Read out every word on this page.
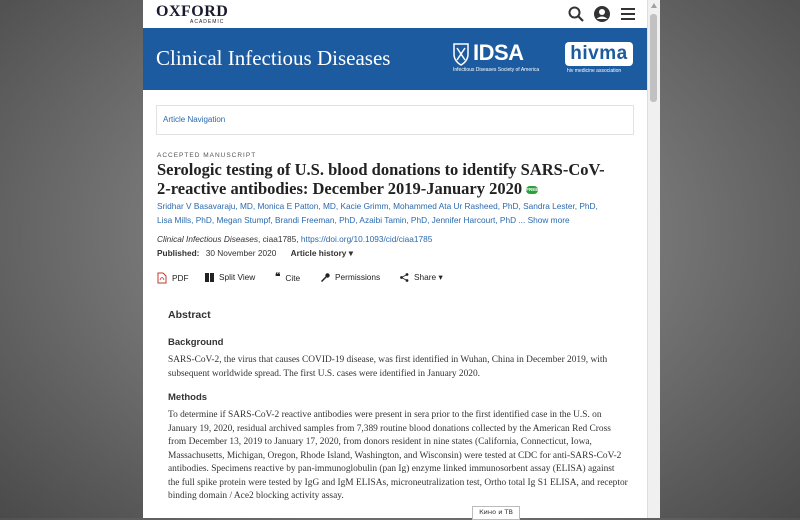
OXFORD
ACADEMIC
Clinical Infectious Diseases	IDSA
Infectious Diseases Society of America
hivma
hiv medicine association
Article Navigation
ACCEPTED MANUSCRIPT
Serologic testing of U.S. blood donations to identify SARS-CoV-2-reactive antibodies: December 2019-January 2020 FREE
Sridhar V Basavaraju, MD, Monica E Patton, MD, Kacie Grimm, Mohammed Ata Ur Rasheed, PhD, Sandra Lester, PhD,
Lisa Mills, PhD, Megan Stumpf, Brandi Freeman, PhD, Azaibi Tamin, PhD, Jennifer Harcourt, PhD ... Show more
Clinical Infectious Diseases, ciaa1785, https://doi.org/10.1093/cid/ciaa1785
Published: 30 November 2020 Article history ▾
PDF	Split View ❝ Cite	Permissions	Share ▾
Abstract
Background
SARS-CoV-2, the virus that causes COVID-19 disease, was first identified in Wuhan, China in December 2019, with subsequent worldwide spread. The first U.S. cases were identified in January 2020.
Methods
To determine if SARS-CoV-2 reactive antibodies were present in sera prior to the first identified case in the U.S. on January 19, 2020, residual archived samples from 7,389 routine blood donations collected by the American Red Cross from December 13, 2019 to January 17, 2020, from donors resident in nine states (California, Connecticut, Iowa, Massachusetts, Michigan, Oregon, Rhode Island, Washington, and Wisconsin) were tested at CDC for anti-SARS-CoV-2 antibodies. Specimens reactive by pan-immunoglobulin (pan Ig) enzyme linked immunosorbent assay (ELISA) against the full spike protein were tested by IgG and IgM ELISAs, microneutralization test, Ortho total Ig S1 ELISA, and receptor binding domain / Ace2 blocking activity assay.
Кино и ТВ
